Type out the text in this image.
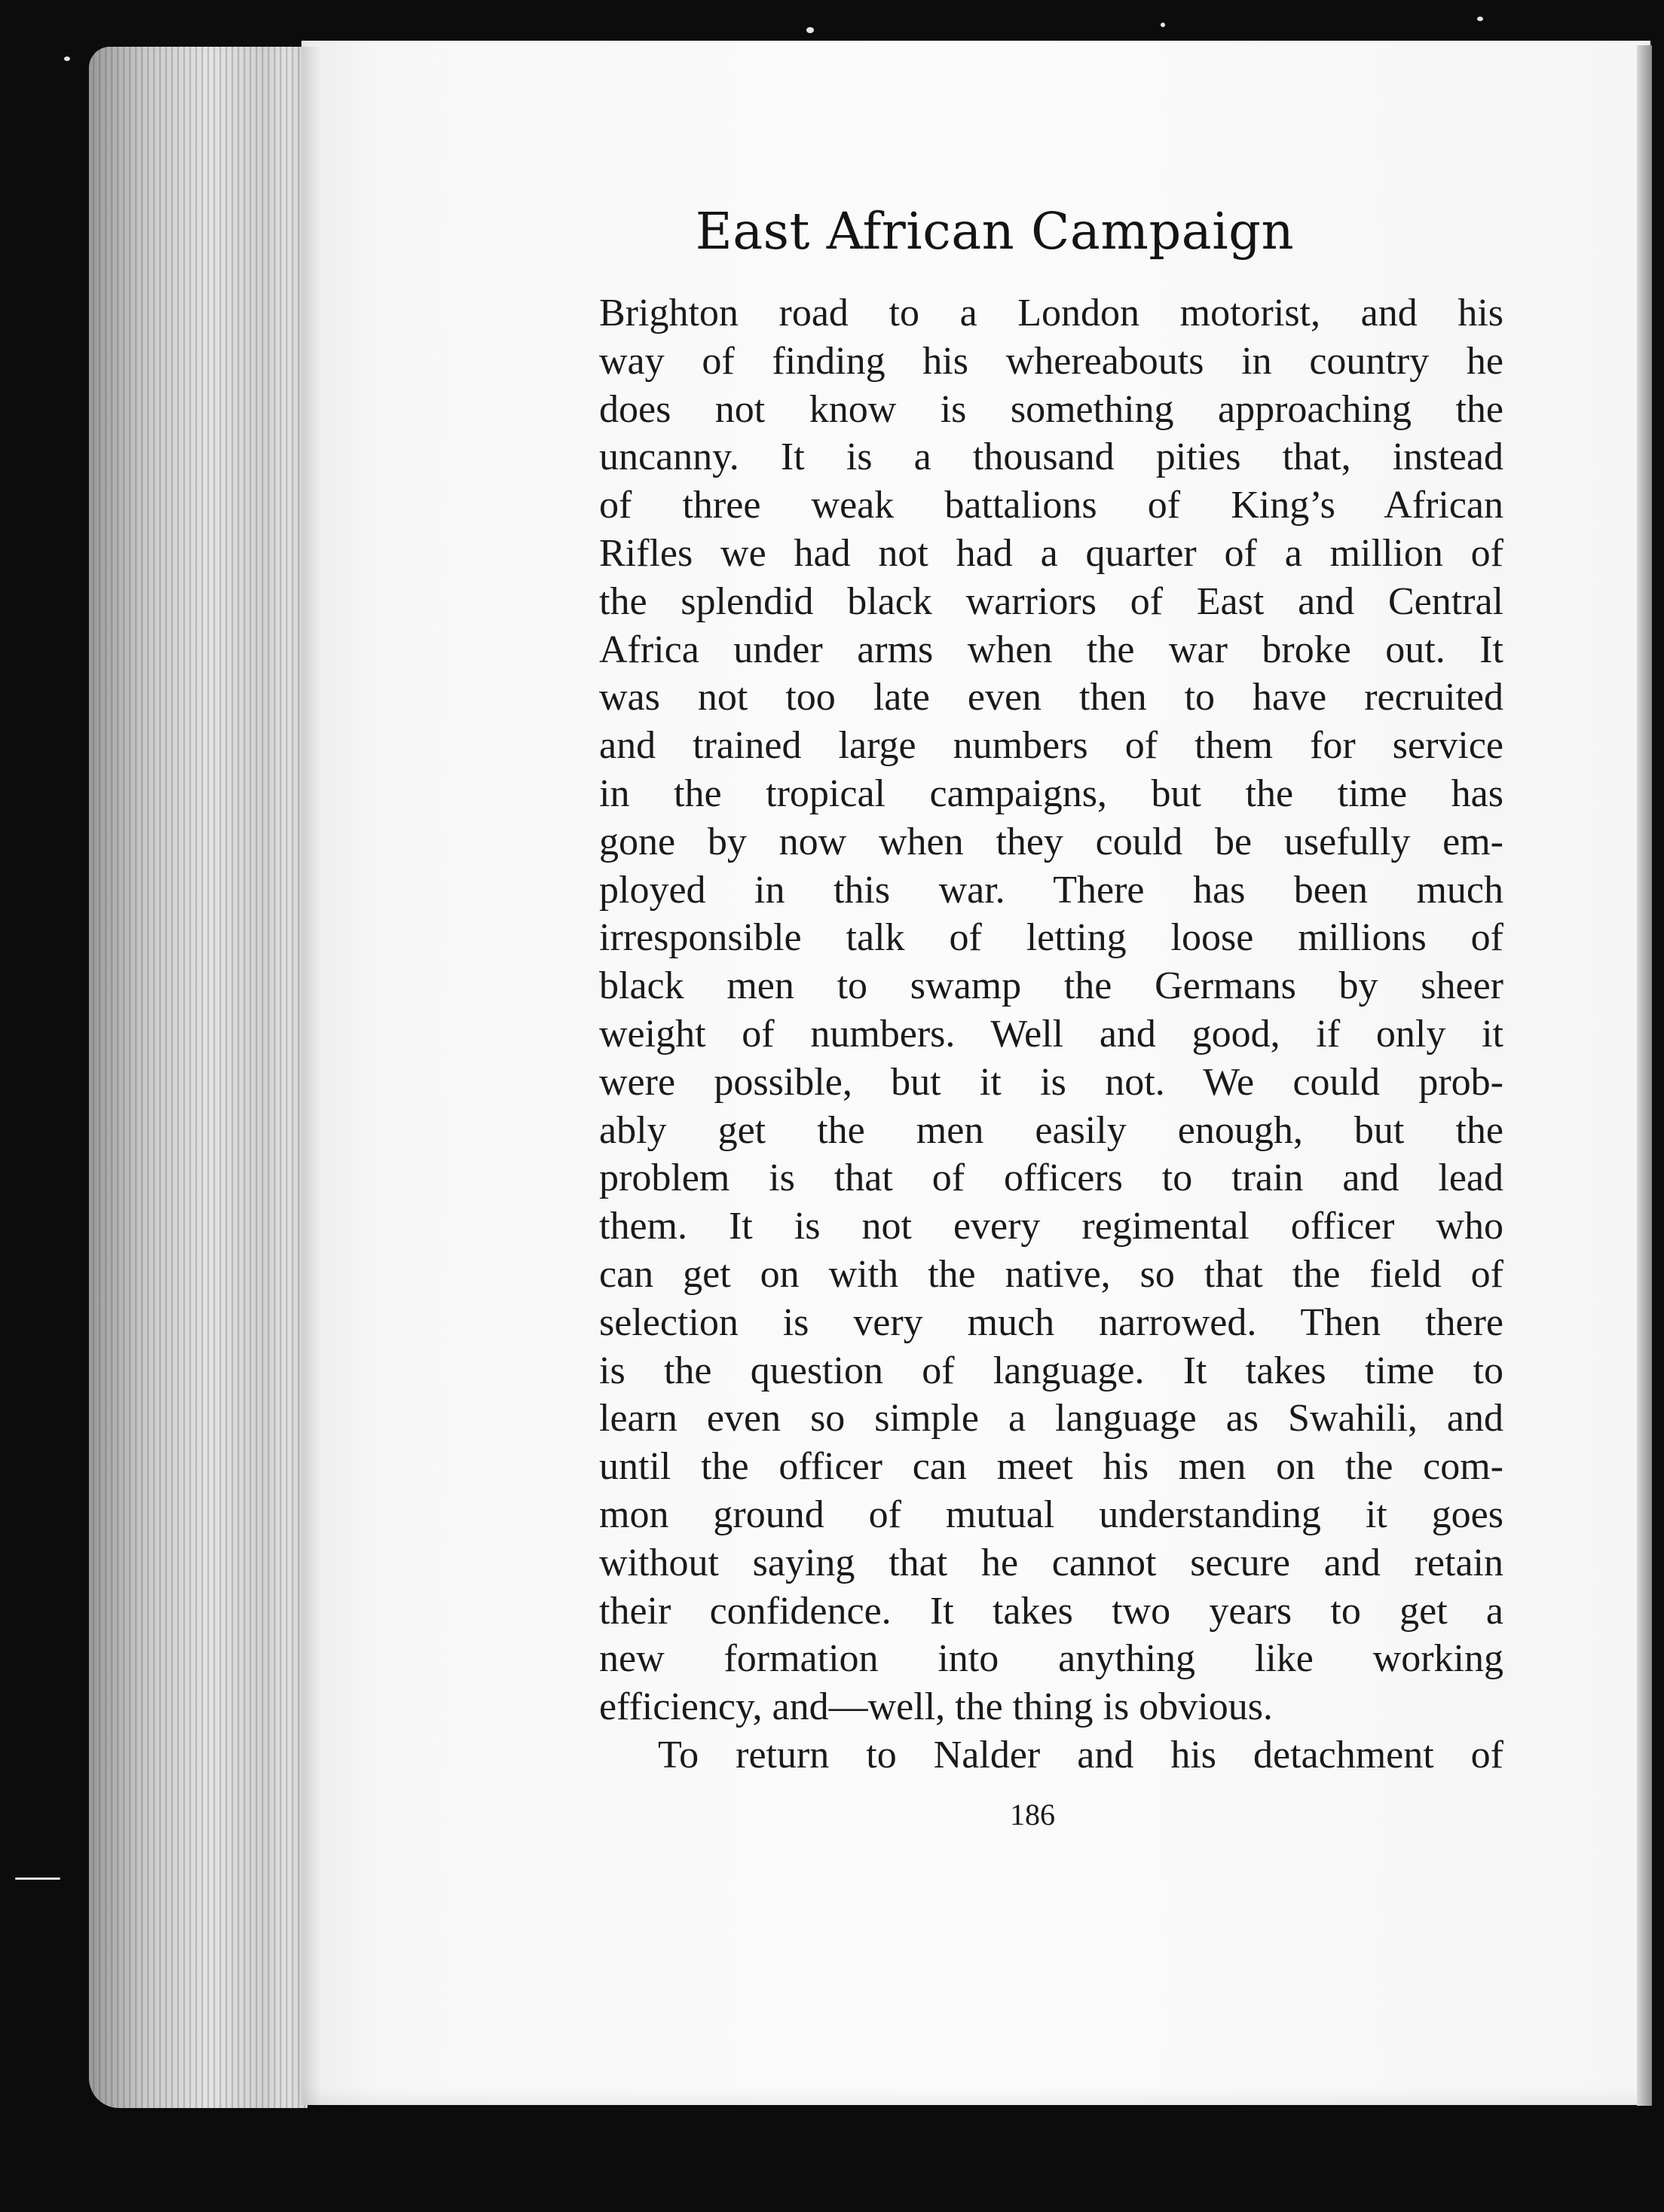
East African Campaign
Brighton road to a London motorist, and his
way of finding his whereabouts in country he
does not know is something approaching the
uncanny. It is a thousand pities that, instead
of three weak battalions of King’s African
Rifles we had not had a quarter of a million of
the splendid black warriors of East and Central
Africa under arms when the war broke out. It
was not too late even then to have recruited
and trained large numbers of them for service
in the tropical campaigns, but the time has
gone by now when they could be usefully em-
ployed in this war. There has been much
irresponsible talk of letting loose millions of
black men to swamp the Germans by sheer
weight of numbers. Well and good, if only it
were possible, but it is not. We could prob-
ably get the men easily enough, but the
problem is that of officers to train and lead
them. It is not every regimental officer who
can get on with the native, so that the field of
selection is very much narrowed. Then there
is the question of language. It takes time to
learn even so simple a language as Swahili, and
until the officer can meet his men on the com-
mon ground of mutual understanding it goes
without saying that he cannot secure and retain
their confidence. It takes two years to get a
new formation into anything like working
efficiency, and—well, the thing is obvious.
To return to Nalder and his detachment of
186
